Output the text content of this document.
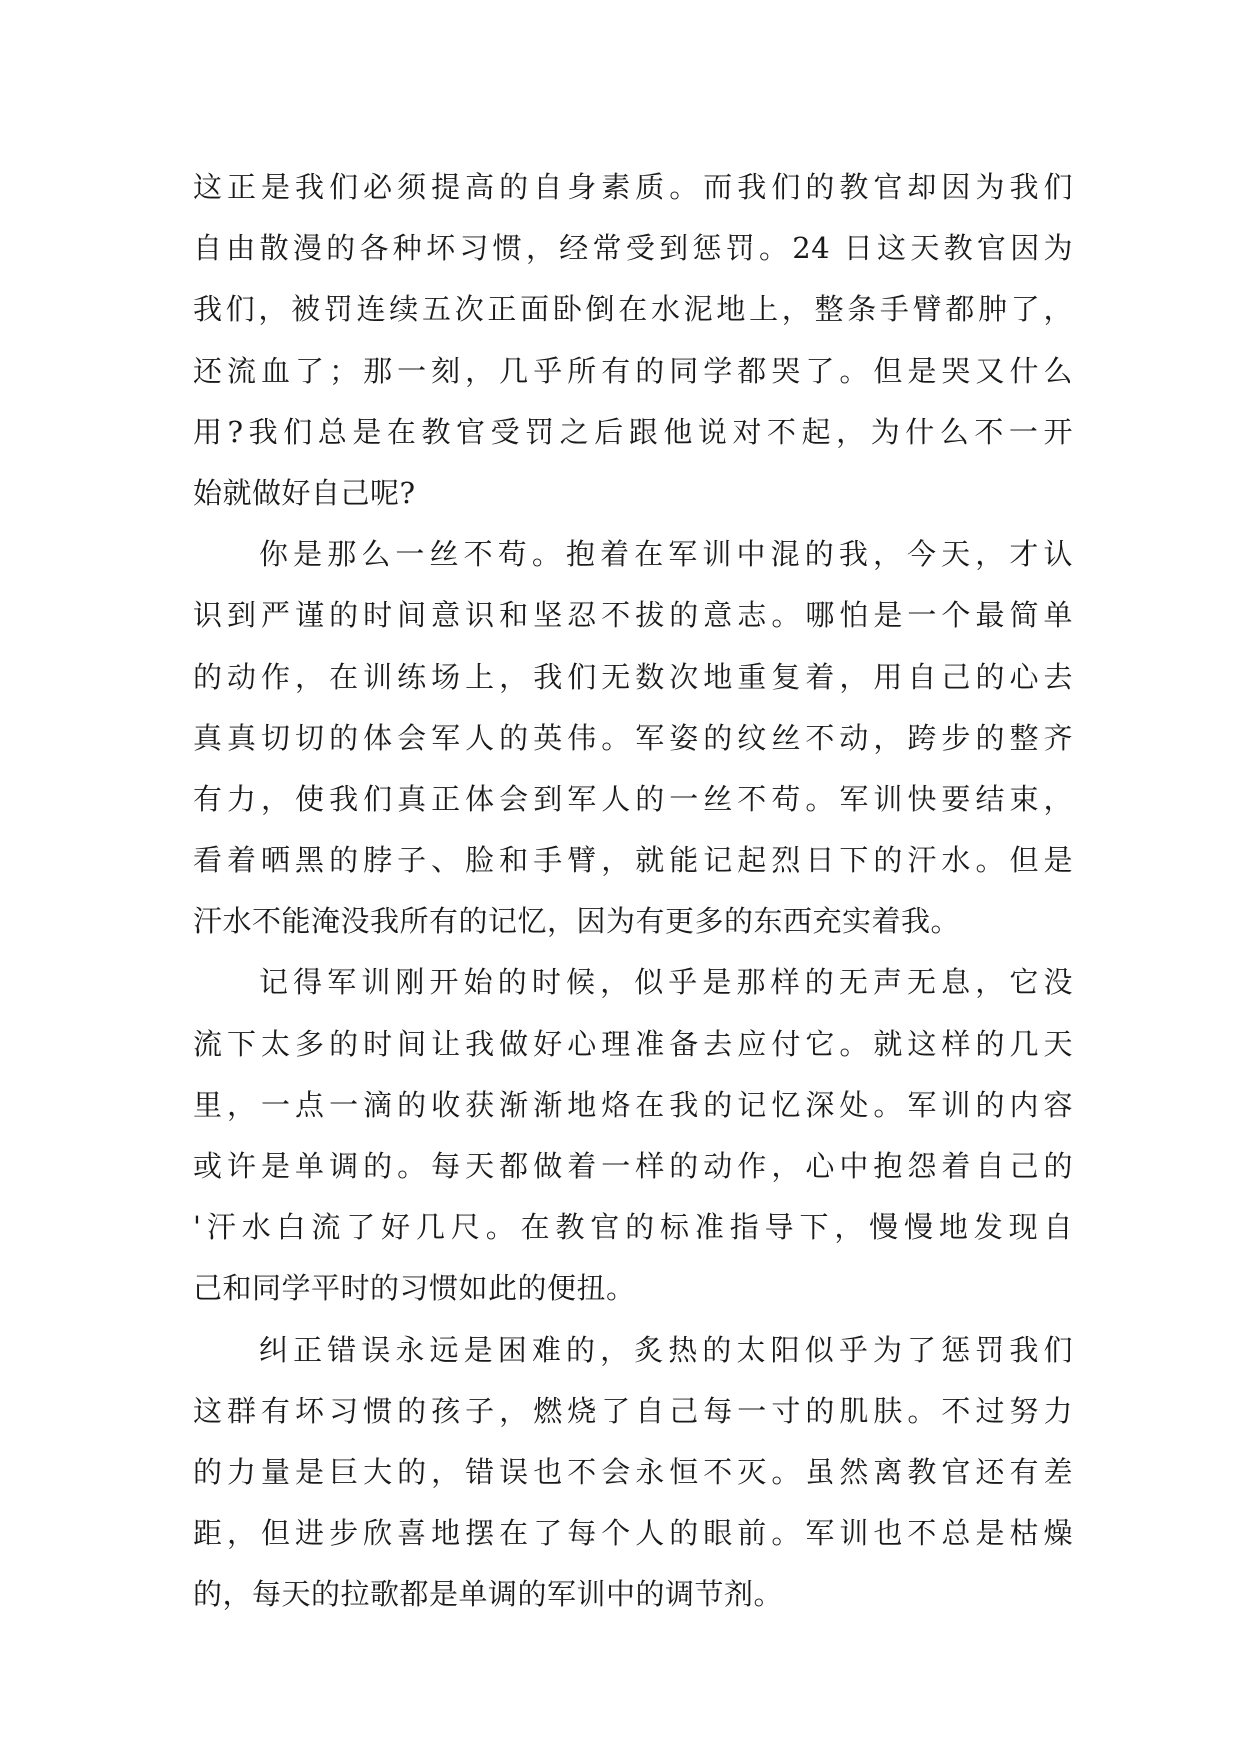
这正是我们必须提高的自身素质。而我们的教官却因为我们
自由散漫的各种坏习惯，经常受到惩罚。24 日这天教官因为
我们，被罚连续五次正面卧倒在水泥地上，整条手臂都肿了，
还流血了；那一刻，几乎所有的同学都哭了。但是哭又什么
用?我们总是在教官受罚之后跟他说对不起，为什么不一开
始就做好自己呢?
你是那么一丝不苟。抱着在军训中混的我，今天，才认
识到严谨的时间意识和坚忍不拔的意志。哪怕是一个最简单
的动作，在训练场上，我们无数次地重复着，用自己的心去
真真切切的体会军人的英伟。军姿的纹丝不动，跨步的整齐
有力，使我们真正体会到军人的一丝不苟。军训快要结束，
看着晒黑的脖子、脸和手臂，就能记起烈日下的汗水。但是
汗水不能淹没我所有的记忆，因为有更多的东西充实着我。
记得军训刚开始的时候，似乎是那样的无声无息，它没
流下太多的时间让我做好心理准备去应付它。就这样的几天
里，一点一滴的收获渐渐地烙在我的记忆深处。军训的内容
或许是单调的。每天都做着一样的动作，心中抱怨着自己的
'汗水白流了好几尺。在教官的标准指导下，慢慢地发现自
己和同学平时的习惯如此的便扭。
纠正错误永远是困难的，炙热的太阳似乎为了惩罚我们
这群有坏习惯的孩子，燃烧了自己每一寸的肌肤。不过努力
的力量是巨大的，错误也不会永恒不灭。虽然离教官还有差
距，但进步欣喜地摆在了每个人的眼前。军训也不总是枯燥
的，每天的拉歌都是单调的军训中的调节剂。
